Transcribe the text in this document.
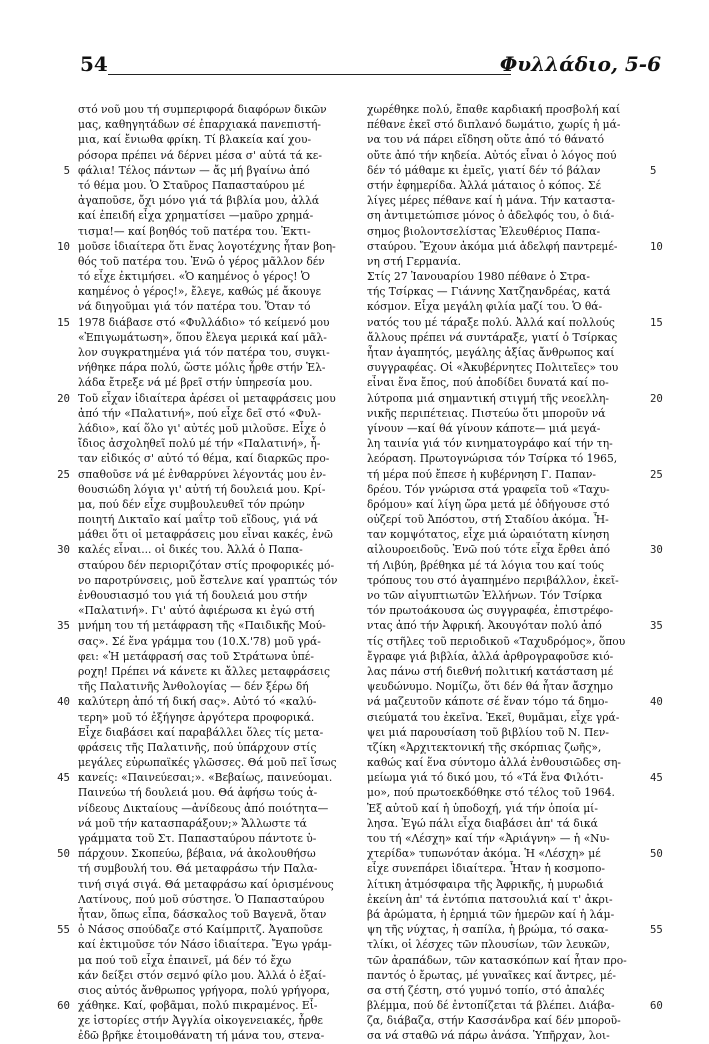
54	Φυλλάδιο, 5-6
5
10
15
20
25
30
35
40
45
50
55
60
στό νοῦ μου τή συμπεριφορά διαφόρων δικῶν
μας, καθηγητάδων σέ ἐπαρχιακά πανεπιστή-
μια, καί ἔνιωθα φρίκη. Τί βλακεία καί χου-
ρόσορα πρέπει νά δέρνει μέσα σ' αὐτά τά κε-
φάλια! Τέλος πάντων — ἄς μή βγαίνω ἀπό
τό θέμα μου. Ὁ Σταῦρος Παπασταύρου μέ
ἀγαποῦσε, ὄχι μόνο γιά τά βιβλία μου, ἀλλά
καί ἐπειδή εἶχα χρηματίσει —μαῦρο χρημά-
τισμα!— καί βοηθός τοῦ πατέρα του. Ἐκτι-
μοῦσε ἰδιαίτερα ὅτι ἕνας λογοτέχνης ἦταν βοη-
θός τοῦ πατέρα του. Ἐνῶ ὁ γέρος μᾶλλον δέν
τό εἶχε ἐκτιμήσει. «Ὁ καημένος ὁ γέρος! Ὁ
καημένος ὁ γέρος!», ἔλεγε, καθώς μέ ἄκουγε
νά διηγοῦμαι γιά τόν πατέρα του. Ὅταν τό
1978 διάβασε στό «Φυλλάδιο» τό κείμενό μου
«Ἐπιγωμάτωση», ὅπου ἔλεγα μερικά καί μᾶλ-
λον συγκρατημένα γιά τόν πατέρα του, συγκι-
νήθηκε πάρα πολύ, ὥστε μόλις ἦρθε στήν Ἑλ-
λάδα ἔτρεξε νά μέ βρεῖ στήν ὑπηρεσία μου.
Τοῦ εἶχαν ἰδιαίτερα ἀρέσει οἱ μεταφράσεις μου
ἀπό τήν «Παλατινή», πού εἶχε δεῖ στό «Φυλ-
λάδιο», καί ὅλο γι' αὐτές μοῦ μιλοῦσε. Εἶχε ὁ
ἴδιος ἀσχοληθεῖ πολύ μέ τήν «Παλατινή», ἦ-
ταν εἰδικός σ' αὐτό τό θέμα, καί διαρκῶς προ-
σπαθοῦσε νά μέ ἐνθαρρύνει λέγοντάς μου ἐν-
θουσιώδη λόγια γι' αὐτή τή δουλειά μου. Κρί-
μα, πού δέν εἶχε συμβουλευθεῖ τόν πρώην
ποιητή Δικταῖο καί μαΐτρ τοῦ εἴδους, γιά νά
μάθει ὅτι οἱ μεταφράσεις μου εἶναι κακές, ἐνῶ
καλές εἶναι... οἱ δικές του. Ἀλλά ὁ Παπα-
σταύρου δέν περιοριζόταν στίς προφορικές μό-
νο παροτρύνσεις, μοῦ ἔστελνε καί γραπτώς τόν
ἐνθουσιασμό του γιά τή δουλειά μου στήν
«Παλατινή». Γι' αὐτό ἀφιέρωσα κι ἐγώ στή
μνήμη του τή μετάφραση τῆς «Παιδικῆς Μού-
σας». Σέ ἕνα γράμμα του (10.Χ.'78) μοῦ γρά-
φει: «Ἡ μετάφρασή σας τοῦ Στράτωνα ὑπέ-
ροχη! Πρέπει νά κάνετε κι ἄλλες μεταφράσεις
τῆς Παλατινῆς Ἀνθολογίας — δέν ξέρω δή
καλύτερη ἀπό τή δική σας». Αὐτό τό «καλύ-
τερη» μοῦ τό ἐξήγησε ἀργότερα προφορικά.
Εἶχε διαβάσει καί παραβάλλει ὅλες τίς μετα-
φράσεις τῆς Παλατινῆς, πού ὑπάρχουν στίς
μεγάλες εὐρωπαϊκές γλῶσσες. Θά μοῦ πεῖ ἴσως
κανείς: «Παινεύεσαι;». «Βεβαίως, παινεύομαι.
Παινεύω τή δουλειά μου. Θά ἀφήσω τούς ἀ-
νίδεους Δικταίους —ἀνίδεους ἀπό ποιότητα—
νά μοῦ τήν κατασπαράξουν;» Ἄλλωστε τά
γράμματα τοῦ Στ. Παπασταύρου πάντοτε ὑ-
πάρχουν. Σκοπεύω, βέβαια, νά ἀκολουθήσω
τή συμβουλή του. Θά μεταφράσω τήν Παλα-
τινή σιγά σιγά. Θά μεταφράσω καί ὁρισμένους
Λατίνους, πού μοῦ σύστησε. Ὁ Παπασταύρου
ἦταν, ὅπως εἶπα, δάσκαλος τοῦ Βαγενᾶ, ὅταν
ὁ Νάσος σπούδαζε στό Καίμπριτζ. Ἀγαποῦσε
καί ἐκτιμοῦσε τόν Νάσο ἰδιαίτερα. Ἔγω γράμ-
μα πού τοῦ εἶχα ἐπαινεῖ, μά δέν τό ἔχω
κάν δείξει στόν σεμνό φίλο μου. Ἀλλά ὁ ἐξαί-
σιος αὐτός ἄνθρωπος γρήγορα, πολύ γρήγορα,
χάθηκε. Καί, φοβᾶμαι, πολύ πικραμένος. Εἶ-
χε ἱστορίες στήν Ἀγγλία οἰκογενειακές, ἦρθε
ἐδῶ βρῆκε ἑτοιμοθάνατη τή μάνα του, στενα-
χωρέθηκε πολύ, ἔπαθε καρδιακή προσβολή καί
πέθανε ἐκεῖ στό διπλανό δωμάτιο, χωρίς ἡ μά-
να του νά πάρει εἴδηση οὔτε ἀπό τό θάνατό
οὔτε ἀπό τήν κηδεία. Αὐτός εἶναι ὁ λόγος πού
δέν τό μάθαμε κι ἐμεῖς, γιατί δέν τό βάλαν
στήν ἐφημερίδα. Ἀλλά μάταιος ὁ κόπος. Σέ
λίγες μέρες πέθανε καί ἡ μάνα. Τήν καταστα-
ση ἀντιμετώπισε μόνος ὁ ἀδελφός του, ὁ διά-
σημος βιολοντσελίστας Ἐλευθέριος Παπα-
σταύρου. Ἔχουν ἀκόμα μιά ἀδελφή παντρεμέ-
νη στή Γερμανία.
Στίς 27 Ἰανουαρίου 1980 πέθανε ὁ Στρα-
τής Τσίρκας — Γιάννης Χατζηανδρέας, κατά
κόσμον. Εἶχα μεγάλη φιλία μαζί του. Ὁ θά-
νατός του μέ τάραξε πολύ. Ἀλλά καί πολλούς
ἄλλους πρέπει νά συντάραξε, γιατί ὁ Τσίρκας
ἦταν ἀγαπητός, μεγάλης ἀξίας ἄνθρωπος καί
συγγραφέας. Οἱ «Ἀκυβέρνητες Πολιτεῖες» του
εἶναι ἕνα ἔπος, πού ἀποδίδει δυνατά καί πο-
λύτροπα μιά σημαντική στιγμή τῆς νεοελλη-
νικῆς περιπέτειας. Πιστεύω ὅτι μποροῦν νά
γίνουν —καί θά γίνουν κάποτε— μιά μεγά-
λη ταινία γιά τόν κινηματογράφο καί τήν τη-
λεόραση. Πρωτογνώρισα τόν Τσίρκα τό 1965,
τή μέρα πού ἔπεσε ἡ κυβέρνηση Γ. Παπαν-
δρέου. Τόν γνώρισα στά γραφεῖα τοῦ «Ταχυ-
δρόμου» καί λίγη ὥρα μετά μέ ὁδήγουσε στό
οὐζερί τοῦ Ἀπόστου, στή Σταδίου ἀκόμα. Ἦ-
ταν κομψότατος, εἶχε μιά ὡραιότατη κίνηση
αἰλουροειδοῦς. Ἐνῶ πού τότε εἶχα ἔρθει ἀπό
τή Λιβύη, βρέθηκα μέ τά λόγια του καί τούς
τρόπους του στό ἀγαπημένο περιβάλλον, ἐκεῖ-
νο τῶν αἰγυπτιωτῶν Ἑλλήνων. Τόν Τσίρκα
τόν πρωτοάκουσα ὡς συγγραφέα, ἐπιστρέφο-
ντας ἀπό τήν Ἀφρική. Ἀκουγόταν πολύ ἀπό
τίς στῆλες τοῦ περιοδικοῦ «Ταχυδρόμος», ὅπου
ἔγραφε γιά βιβλία, ἀλλά ἀρθρογραφοῦσε κιό-
λας πάνω στή διεθνή πολιτική κατάσταση μέ
ψευδώνυμο. Νομίζω, ὅτι δέν θά ἦταν ἄσχημο
νά μαζευτοῦν κάποτε σέ ἕναν τόμο τά δημο-
σιεύματά του ἐκεῖνα. Ἐκεῖ, θυμᾶμαι, εἶχε γρά-
ψει μιά παρουσίαση τοῦ βιβλίου τοῦ Ν. Πεν-
τζίκη «Ἀρχιτεκτονική τῆς σκόρπιας ζωῆς»,
καθώς καί ἕνα σύντομο ἀλλά ἐνθουσιῶδες ση-
μείωμα γιά τό δικό μου, τό «Τά ἕνα Φιλότι-
μο», πού πρωτοεκδόθηκε στό τέλος τοῦ 1964.
Ἐξ αὐτοῦ καί ἡ ὑποδοχή, γιά τήν ὁποία μί-
λησα. Ἐγώ πάλι εἶχα διαβάσει ἀπ' τά δικά
του τή «Λέσχη» καί τήν «Ἀριάγνη» — ἡ «Νυ-
χτερίδα» τυπωνόταν ἀκόμα. Ἡ «Λέσχη» μέ
εἶχε συνεπάρει ἰδιαίτερα. Ἦταν ἡ κοσμοπο-
λίτικη ἀτμόσφαιρα τῆς Ἀφρικῆς, ἡ μυρωδιά
ἐκείνη ἀπ' τά ἐντόπια πατσουλιά καί τ' ἀκρι-
βά ἀρώματα, ἡ ἐρημιά τῶν ἡμερῶν καί ἡ λάμ-
ψη τῆς νύχτας, ἡ σαπίλα, ἡ βρώμα, τό σακα-
τλίκι, οἱ λέσχες τῶν πλουσίων, τῶν λευκῶν,
τῶν ἀραπάδων, τῶν κατασκόπων καί ἦταν προ-
παντός ὁ ἔρωτας, μέ γυναῖκες καί ἄντρες, μέ-
σα στή ζέστη, στό γυμνό τοπίο, στό ἀπαλές
βλέμμα, πού δέ ἐντοπίζεται τά βλέπει. Διάβα-
ζα, διάβαζα, στήν Κασσάνδρα καί δέν μποροῦ-
σα νά σταθῶ νά πάρω ἀνάσα. Ὑπῆρχαν, λοι-
5
10
15
20
25
30
35
40
45
50
55
60
